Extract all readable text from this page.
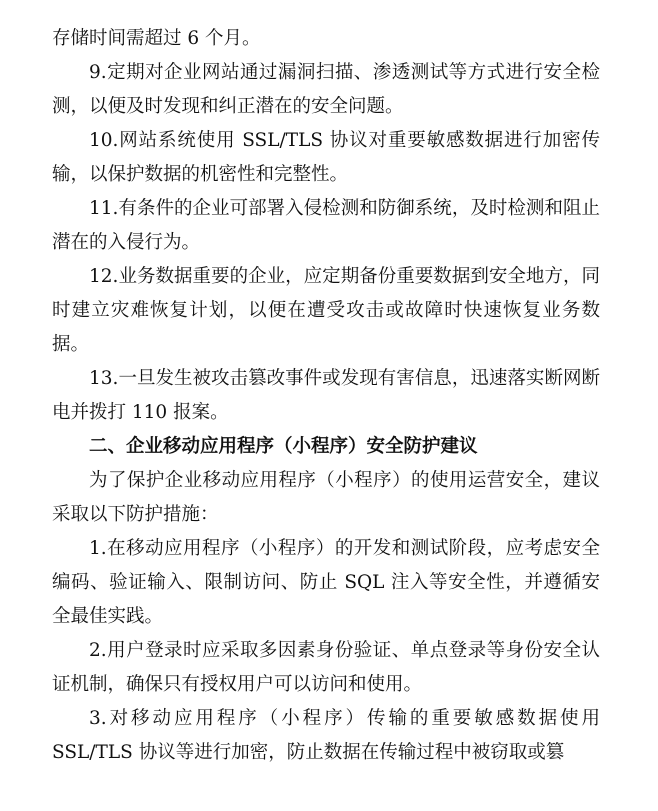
存储时间需超过 6 个月。

9.定期对企业网站通过漏洞扫描、渗透测试等方式进行安全检测，以便及时发现和纠正潜在的安全问题。

10.网站系统使用 SSL/TLS 协议对重要敏感数据进行加密传输，以保护数据的机密性和完整性。

11.有条件的企业可部署入侵检测和防御系统，及时检测和阻止潜在的入侵行为。

12.业务数据重要的企业，应定期备份重要数据到安全地方，同时建立灾难恢复计划，以便在遭受攻击或故障时快速恢复业务数据。

13.一旦发生被攻击篡改事件或发现有害信息，迅速落实断网断电并拨打 110 报案。

二、企业移动应用程序（小程序）安全防护建议

为了保护企业移动应用程序（小程序）的使用运营安全，建议采取以下防护措施：

1.在移动应用程序（小程序）的开发和测试阶段，应考虑安全编码、验证输入、限制访问、防止 SQL 注入等安全性，并遵循安全最佳实践。

2.用户登录时应采取多因素身份验证、单点登录等身份安全认证机制，确保只有授权用户可以访问和使用。

3.对移动应用程序（小程序）传输的重要敏感数据使用SSL/TLS 协议等进行加密，防止数据在传输过程中被窃取或篡
